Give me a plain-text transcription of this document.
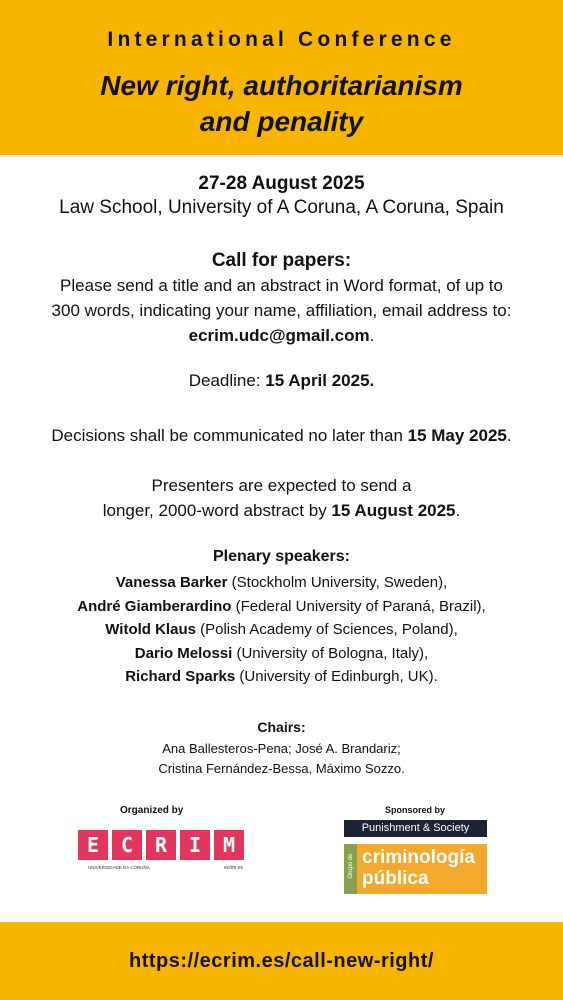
International Conference
New right, authoritarianism
and penality
27-28 August 2025
Law School, University of A Coruna, A Coruna, Spain
Call for papers:
Please send a title and an abstract in Word format, of up to
300 words, indicating your name, affiliation, email address to:
ecrim.udc@gmail.com.
Deadline: 15 April 2025.
Decisions shall be communicated no later than 15 May 2025.
Presenters are expected to send a
longer, 2000-word abstract by 15 August 2025.
Plenary speakers:
Vanessa Barker (Stockholm University, Sweden),
André Giamberardino (Federal University of Paraná, Brazil),
Witold Klaus (Polish Academy of Sciences, Poland),
Dario Melossi (University of Bologna, Italy),
Richard Sparks (University of Edinburgh, UK).
Chairs:
Ana Ballesteros-Pena; José A. Brandariz;
Cristina Fernández-Bessa, Máximo Sozzo.
Organized by
E	C	R	I	M
UNIVERSIDADE DA CORUÑA	ecrim.es
Sponsored by
Punishment & Society
Grupo de criminología
pública
https://ecrim.es/call-new-right/
